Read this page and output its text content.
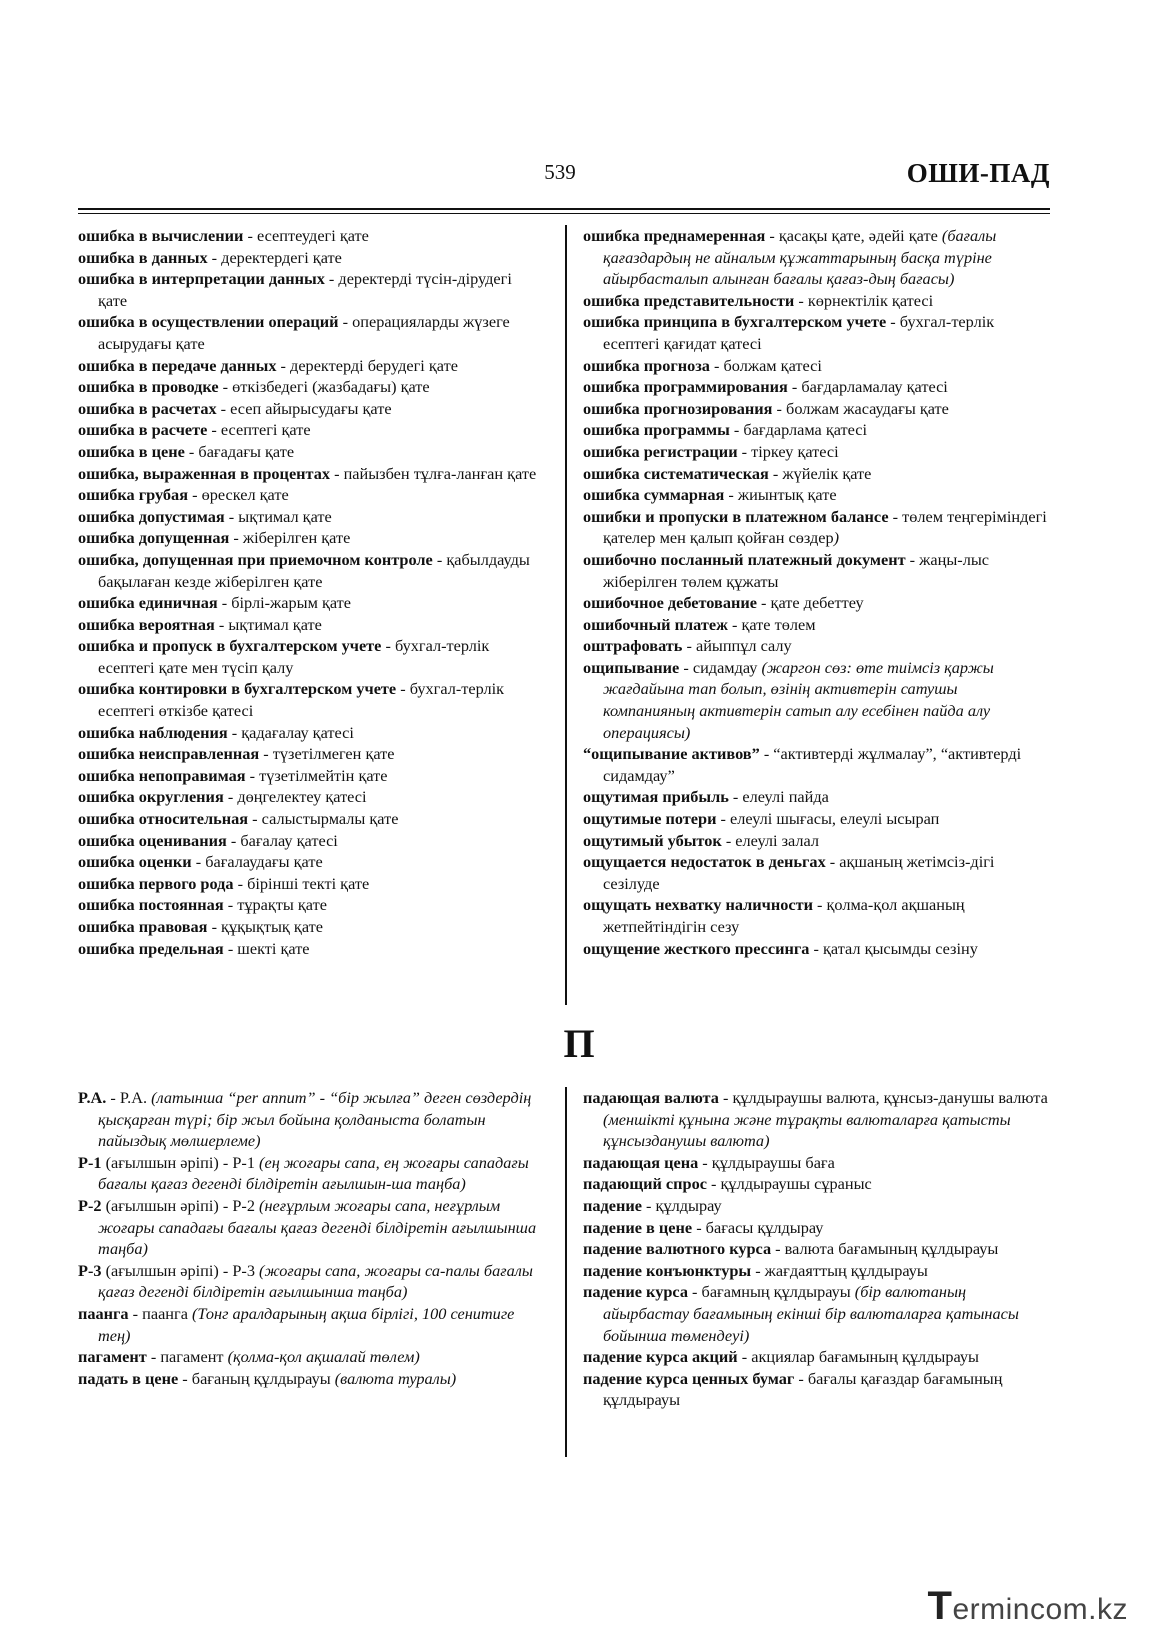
539	ОШИ-ПАД
ошибка в вычислении - есептеудегі қате
ошибка в данных - деректердегі қате
ошибка в интерпретации данных - деректерді түсін-дірудегі қате
ошибка в осуществлении операций - операцияларды жүзеге асырудағы қате
ошибка в передаче данных - деректерді берудегі қате
ошибка в проводке - өткізбедегі (жазбадағы) қате
ошибка в расчетах - есеп айырысудағы қате
ошибка в расчете - есептегі қате
ошибка в цене - бағадағы қате
ошибка, выраженная в процентах - пайызбен тұлға-ланған қате
ошибка грубая - өрескел қате
ошибка допустимая - ықтимал қате
ошибка допущенная - жіберілген қате
ошибка, допущенная при приемочном контроле - қабылдауды бақылаған кезде жіберілген қате
ошибка единичная - бірлі-жарым қате
ошибка вероятная - ықтимал қате
ошибка и пропуск в бухгалтерском учете - бухгал-терлік есептегі қате мен түсіп қалу
ошибка контировки в бухгалтерском учете - бухгал-терлік есептегі өткізбе қатесі
ошибка наблюдения - қадағалау қатесі
ошибка неисправленная - түзетілмеген қате
ошибка непоправимая - түзетілмейтін қате
ошибка округления - дөңгелектеу қатесі
ошибка относительная - салыстырмалы қате
ошибка оценивания - бағалау қатесі
ошибка оценки - бағалаудағы қате
ошибка первого рода - бірінші текті қате
ошибка постоянная - тұрақты қате
ошибка правовая - құқықтық қате
ошибка предельная - шекті қате
ошибка преднамеренная - қасақы қате, әдейі қате (бағалы қағаздардың не айналым құжаттарының басқа түріне айырбасталып алынған бағалы қағаз-дың бағасы)
ошибка представительности - көрнектілік қатесі
ошибка принципа в бухгалтерском учете - бухгал-терлік есептегі қағидат қатесі
ошибка прогноза - болжам қатесі
ошибка программирования - бағдарламалау қатесі
ошибка прогнозирования - болжам жасаудағы қате
ошибка программы - бағдарлама қатесі
ошибка регистрации - тіркеу қатесі
ошибка систематическая - жүйелік қате
ошибка суммарная - жиынтық қате
ошибки и пропуски в платежном балансе - төлем теңгеріміндегі қателер мен қалып қойған сөздер)
ошибочно посланный платежный документ - жаңы-лыс жіберілген төлем құжаты
ошибочное дебетование - қате дебеттеу
ошибочный платеж - қате төлем
оштрафовать - айыппұл салу
ощипывание - сидамдау (жаргон сөз: өте тиімсіз қаржы жағдайына тап болып, өзінің активтерін сатушы компанияның активтерін сатып алу есебінен пайда алу операциясы)
“ощипывание активов” - “активтерді жұлмалау”, “активтерді сидамдау”
ощутимая прибыль - елеулі пайда
ощутимые потери - елеулі шығасы, елеулі ысырап
ощутимый убыток - елеулі залал
ощущается недостаток в деньгах - ақшаның жетімсіз-дігі сезілуде
ощущать нехватку наличности - қолма-қол ақшаның жетпейтіндігін сезу
ощущение жесткого прессинга - қатал қысымды сезіну
П
P.A. - P.A. (латынша “per annum” - “бір жылға” деген сөздердің қысқарған түрі; бір жыл бойына қолданыста болатын пайыздық мөлшерлеме)
P-1 (ағылшын әріпі) - P-1 (ең жоғары сапа, ең жоғары сападағы бағалы қағаз дегенді білдіретін ағылшын-ша таңба)
P-2 (ағылшын әріпі) - P-2 (неғұрлым жоғары сапа, неғұрлым жоғары сападағы бағалы қағаз дегенді білдіретін ағылшынша таңба)
P-3 (ағылшын әріпі) - P-3 (жоғары сапа, жоғары са-палы бағалы қағаз дегенді білдіретін ағылшынша таңба)
паанга - паанга (Тонг аралдарының ақша бірлігі, 100 сенитиге тең)
пагамент - пагамент (қолма-қол ақшалай төлем)
падать в цене - бағаның құлдырауы (валюта туралы)
падающая валюта - құлдыраушы валюта, құнсыз-данушы валюта (меншікті құнына және тұрақты валюталарға қатысты құнсызданушы валюта)
падающая цена - құлдыраушы баға
падающий спрос - құлдыраушы сұраныс
падение - құлдырау
падение в цене - бағасы құлдырау
падение валютного курса - валюта бағамының құлдырауы
падение конъюнктуры - жағдаяттың құлдырауы
падение курса - бағамның құлдырауы (бір валютаның айырбастау бағамының екінші бір валюталарға қатынасы бойынша төмендеуі)
падение курса акций - акциялар бағамының құлдырауы
падение курса ценных бумаг - бағалы қағаздар бағамының құлдырауы
Termincom.kz
